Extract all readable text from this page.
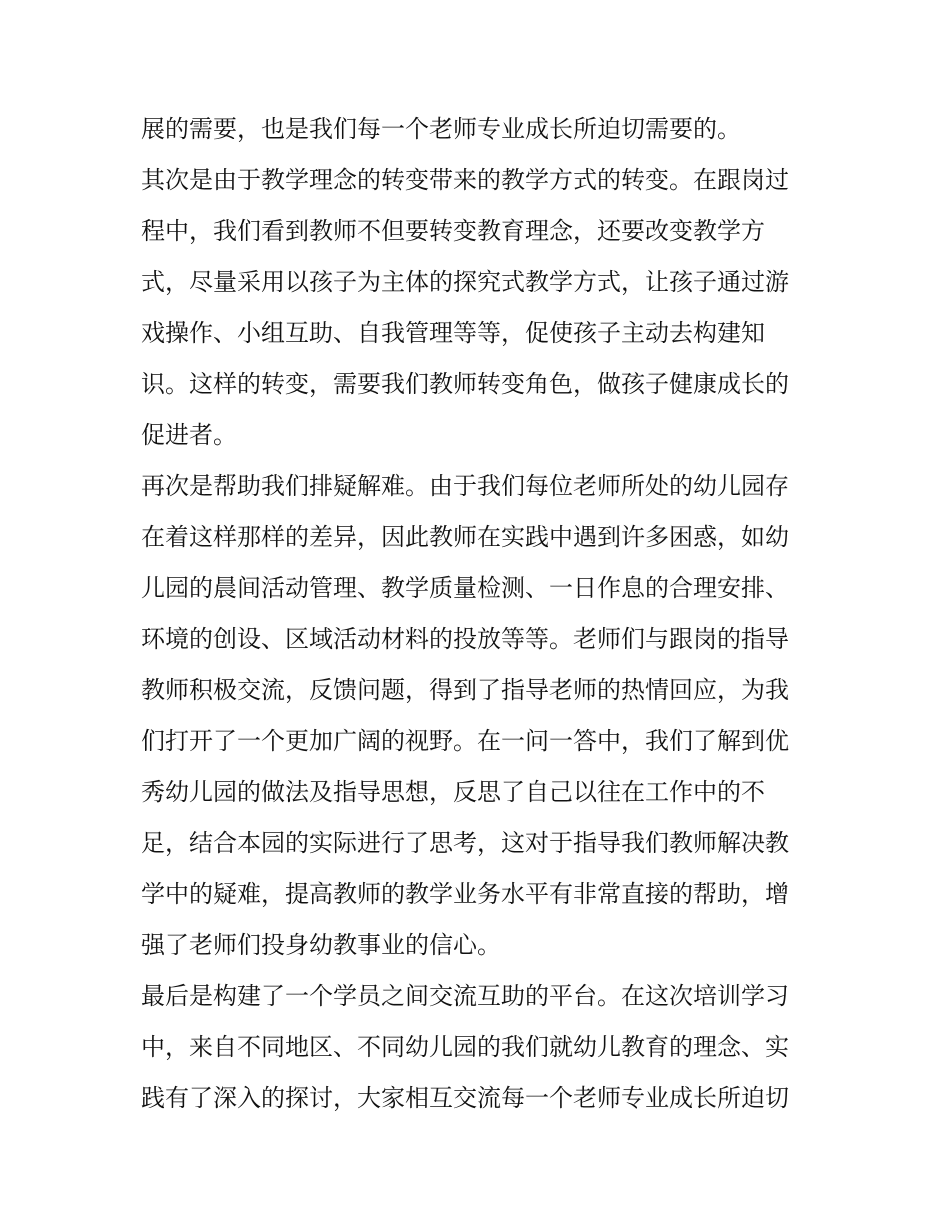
展的需要，也是我们每一个老师专业成长所迫切需要的。

其次是由于教学理念的转变带来的教学方式的转变。在跟岗过

程中，我们看到教师不但要转变教育理念，还要改变教学方

式，尽量采用以孩子为主体的探究式教学方式，让孩子通过游

戏操作、小组互助、自我管理等等，促使孩子主动去构建知

识。这样的转变，需要我们教师转变角色，做孩子健康成长的

促进者。

再次是帮助我们排疑解难。由于我们每位老师所处的幼儿园存

在着这样那样的差异，因此教师在实践中遇到许多困惑，如幼

儿园的晨间活动管理、教学质量检测、一日作息的合理安排、

环境的创设、区域活动材料的投放等等。老师们与跟岗的指导

教师积极交流，反馈问题，得到了指导老师的热情回应，为我

们打开了一个更加广阔的视野。在一问一答中，我们了解到优

秀幼儿园的做法及指导思想，反思了自己以往在工作中的不

足，结合本园的实际进行了思考，这对于指导我们教师解决教

学中的疑难，提高教师的教学业务水平有非常直接的帮助，增

强了老师们投身幼教事业的信心。

最后是构建了一个学员之间交流互助的平台。在这次培训学习

中，来自不同地区、不同幼儿园的我们就幼儿教育的理念、实

践有了深入的探讨，大家相互交流每一个老师专业成长所迫切
